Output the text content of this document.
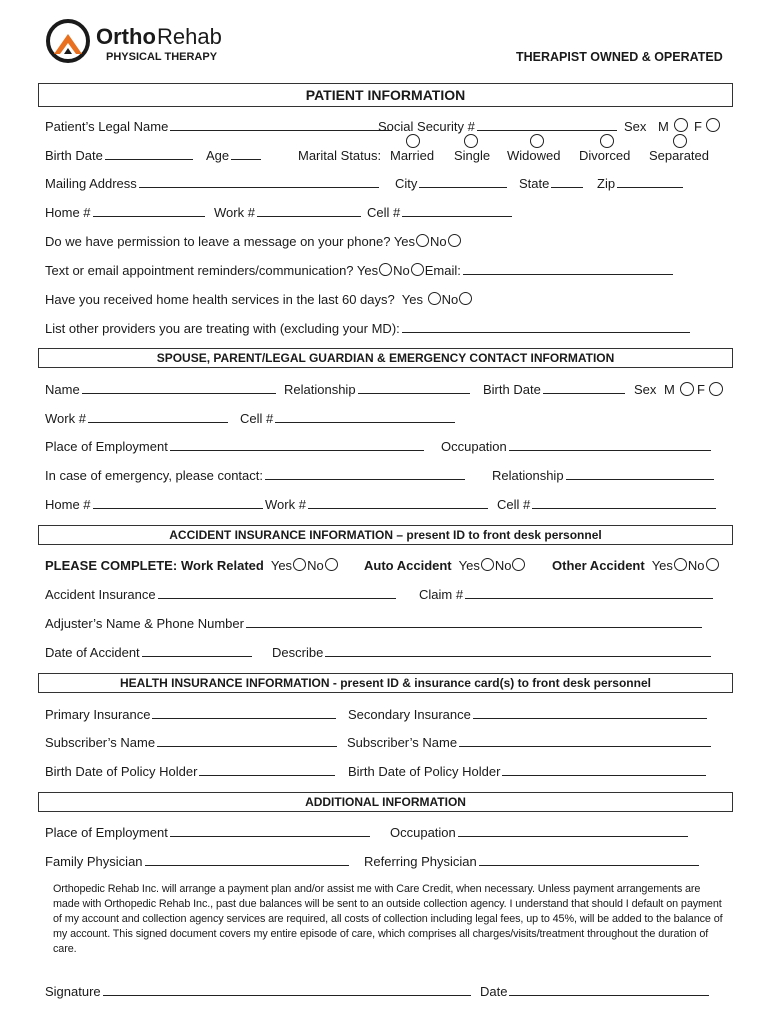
Ortho Rehab
PHYSICAL THERAPY	THERAPIST OWNED & OPERATED
PATIENT INFORMATION
Patient’s Legal Name	Social Security #	Sex M F
Birth Date	Age	Marital Status: Married Single Widowed Divorced Separated
Mailing Address	City	State	Zip
Home #	Work #	Cell #
Do we have permission to leave a message on your phone? Yes No
Text or email appointment reminders/communication? Yes No Email:
Have you received home health services in the last 60 days? Yes No
List other providers you are treating with (excluding your MD):
SPOUSE, PARENT/LEGAL GUARDIAN & EMERGENCY CONTACT INFORMATION
Name	Relationship	Birth Date	Sex M F
Work #	Cell #
Place of Employment	Occupation
In case of emergency, please contact:	Relationship
Home #	Work #	Cell #
ACCIDENT INSURANCE INFORMATION – present ID to front desk personnel
PLEASE COMPLETE: Work Related Yes No	Auto Accident Yes No	Other Accident Yes No
Accident Insurance	Claim #
Adjuster’s Name & Phone Number
Date of Accident	Describe
HEALTH INSURANCE INFORMATION - present ID & insurance card(s) to front desk personnel
Primary Insurance	Secondary Insurance
Subscriber’s Name	Subscriber’s Name
Birth Date of Policy Holder	Birth Date of Policy Holder
ADDITIONAL INFORMATION
Place of Employment	Occupation
Family Physician	Referring Physician
Orthopedic Rehab Inc. will arrange a payment plan and/or assist me with Care Credit, when necessary. Unless payment arrangements are made with Orthopedic Rehab Inc., past due balances will be sent to an outside collection agency. I understand that should I default on payment of my account and collection agency services are required, all costs of collection including legal fees, up to 45%, will be added to the balance of my account. This signed document covers my entire episode of care, which comprises all charges/visits/treatment throughout the duration of care.
Signature	Date
